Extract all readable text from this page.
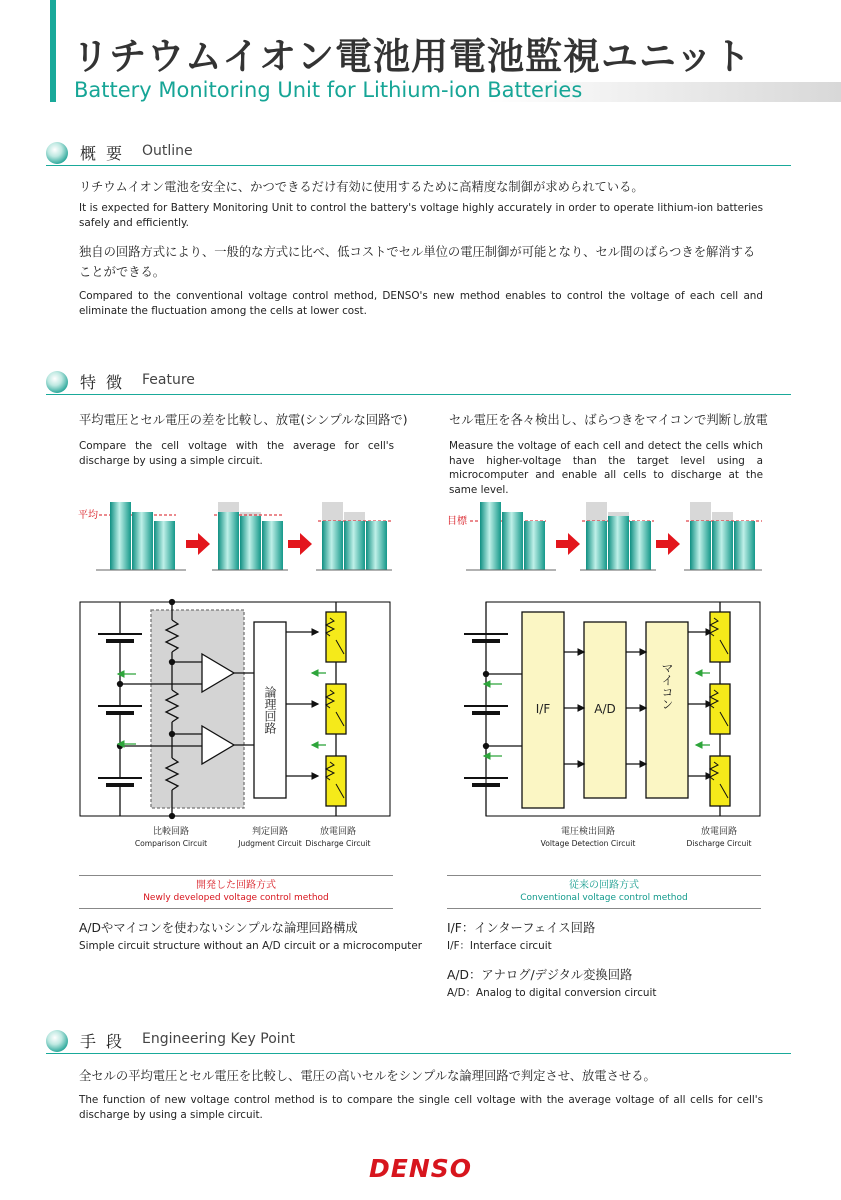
リチウムイオン電池用電池監視ユニット
Battery Monitoring Unit for Lithium-ion Batteries
概要 Outline
リチウムイオン電池を安全に、かつできるだけ有効に使用するために高精度な制御が求められている。
It is expected for Battery Monitoring Unit to control the battery's voltage highly accurately in order to operate lithium-ion batteries safely and efficiently.
独自の回路方式により、一般的な方式に比べ、低コストでセル単位の電圧制御が可能となり、セル間のばらつきを解消することができる。
Compared to the conventional voltage control method, DENSO's new method enables to control the voltage of each cell and eliminate the fluctuation among the cells at lower cost.
特徴 Feature
平均電圧とセル電圧の差を比較し、放電(シンプルな回路で)
Compare the cell voltage with the average for cell's discharge by using a simple circuit.
セル電圧を各々検出し、ばらつきをマイコンで判断し放電
Measure the voltage of each cell and detect the cells which have higher-voltage than the target level using a microcomputer and enable all cells to discharge at the same level.
平均
目標
論理回路	I/F	A/D	マイコン
比較回路
Comparison Circuit
判定回路
Judgment Circuit
放電回路
Discharge Circuit
電圧検出回路
Voltage Detection Circuit
放電回路
Discharge Circuit
開発した回路方式
Newly developed voltage control method
従来の回路方式
Conventional voltage control method
A/Dやマイコンを使わないシンプルな論理回路構成
Simple circuit structure without an A/D circuit or a microcomputer
I/F：インターフェイス回路
I/F：Interface circuit
A/D：アナログ/デジタル変換回路
A/D：Analog to digital conversion circuit
手段 Engineering Key Point
全セルの平均電圧とセル電圧を比較し、電圧の高いセルをシンプルな論理回路で判定させ、放電させる。
The function of new voltage control method is to compare the single cell voltage with the average voltage of all cells for cell's discharge by using a simple circuit.
DENSO
